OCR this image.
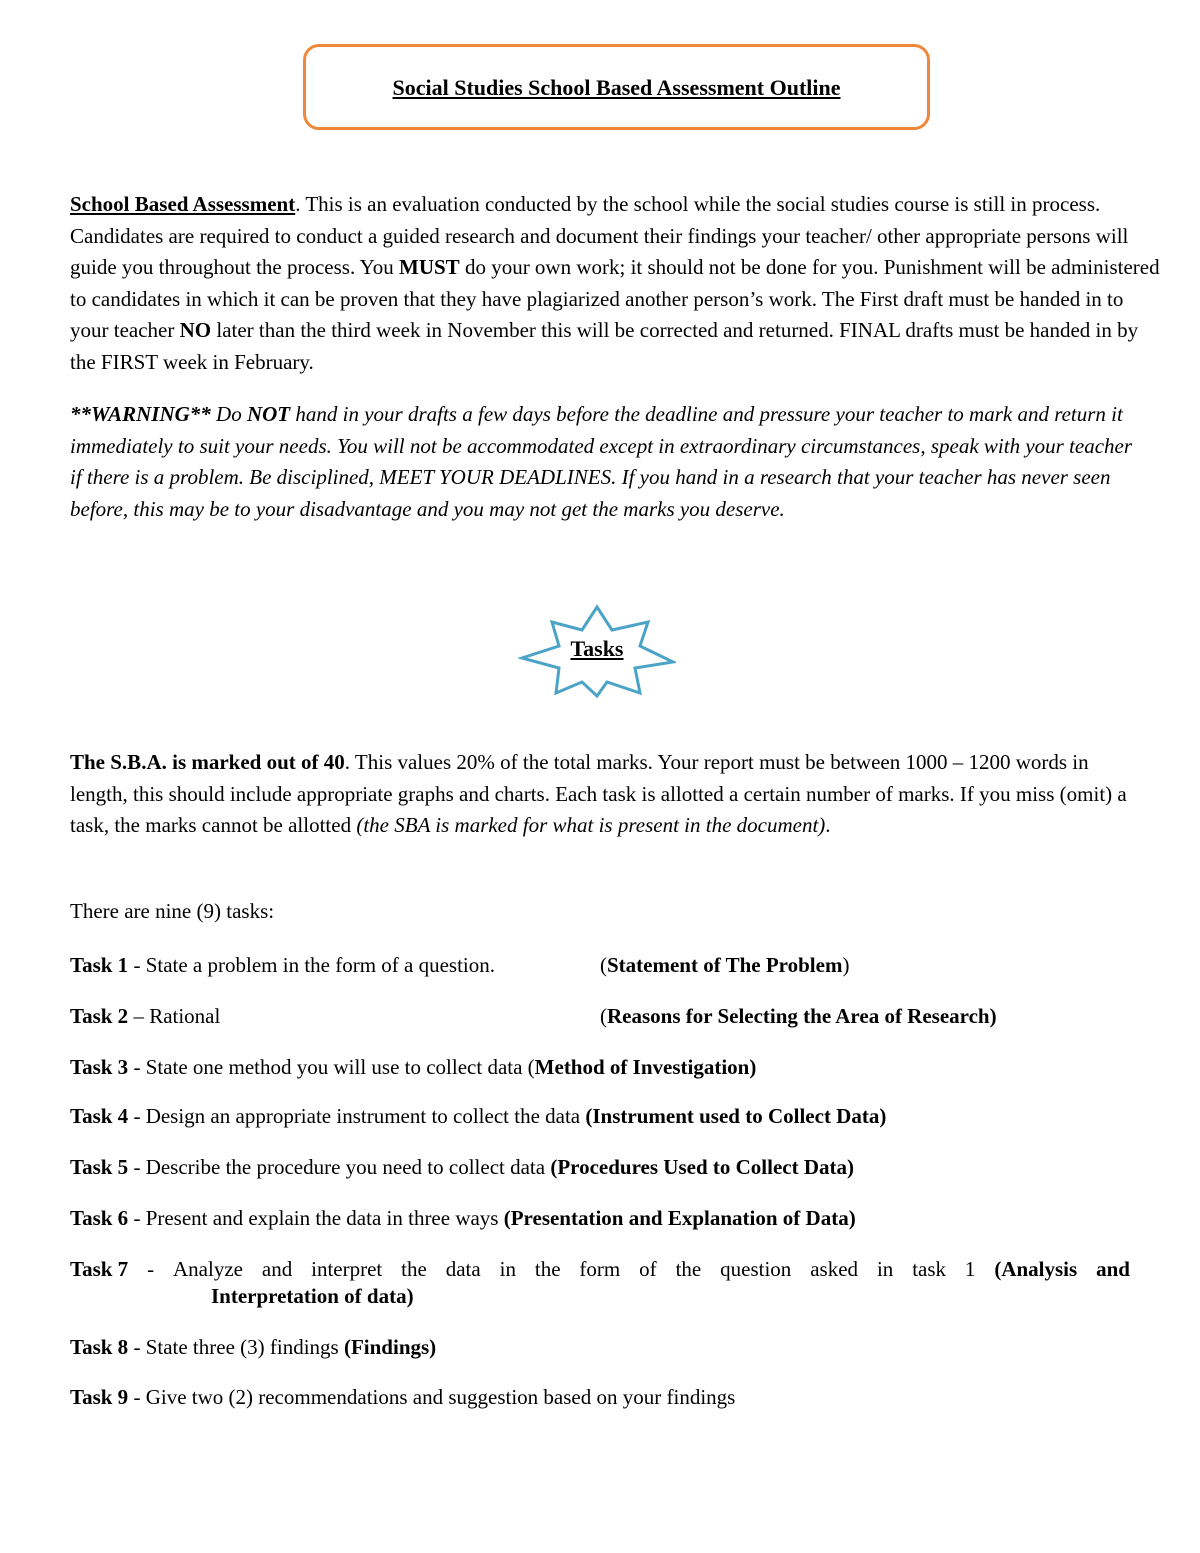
Social Studies School Based Assessment Outline

School Based Assessment. This is an evaluation conducted by the school while the social studies course is still in process. Candidates are required to conduct a guided research and document their findings your teacher/ other appropriate persons will guide you throughout the process. You MUST do your own work; it should not be done for you. Punishment will be administered to candidates in which it can be proven that they have plagiarized another person’s work. The First draft must be handed in to your teacher NO later than the third week in November this will be corrected and returned. FINAL drafts must be handed in by the FIRST week in February.

**WARNING** Do NOT hand in your drafts a few days before the deadline and pressure your teacher to mark and return it immediately to suit your needs. You will not be accommodated except in extraordinary circumstances, speak with your teacher if there is a problem. Be disciplined, MEET YOUR DEADLINES. If you hand in a research that your teacher has never seen before, this may be to your disadvantage and you may not get the marks you deserve.

Tasks

The S.B.A. is marked out of 40. This values 20% of the total marks. Your report must be between 1000 – 1200 words in length, this should include appropriate graphs and charts. Each task is allotted a certain number of marks. If you miss (omit) a task, the marks cannot be allotted (the SBA is marked for what is present in the document).

There are nine (9) tasks:

Task 1 - State a problem in the form of a question.	(Statement of The Problem)
Task 2 – Rational	(Reasons for Selecting the Area of Research)
Task 3 - State one method you will use to collect data (Method of Investigation)
Task 4 - Design an appropriate instrument to collect the data (Instrument used to Collect Data)
Task 5 - Describe the procedure you need to collect data (Procedures Used to Collect Data)
Task 6 - Present and explain the data in three ways (Presentation and Explanation of Data)
Task 7 - Analyze and interpret the data in the form of the question asked in task 1 (Analysis and
Interpretation of data)
Task 8 - State three (3) findings (Findings)
Task 9 - Give two (2) recommendations and suggestion based on your findings
